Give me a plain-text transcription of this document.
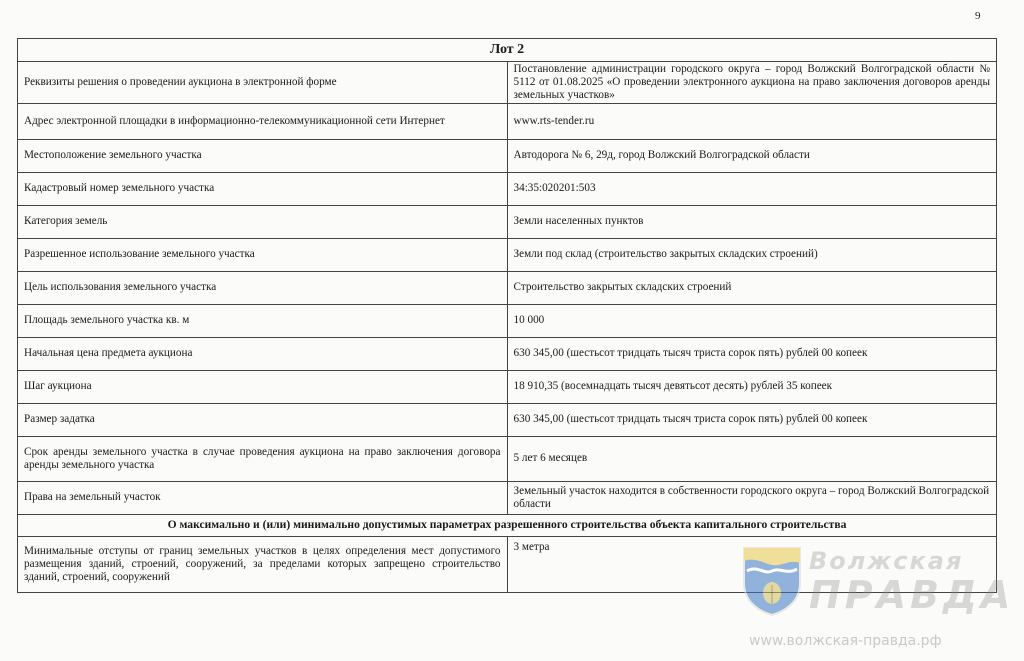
9
Лот 2	
Реквизиты решения о проведении аукциона в электронной форме	Постановление администрации городского округа – город Волжский Волгоградской области № 5112 от 01.08.2025 «О проведении электронного аукциона на право заключения договоров аренды земельных участков»
Адрес электронной площадки в информационно-телекоммуникационной сети Интернет	www.rts-tender.ru
Местоположение земельного участка	Автодорога № 6, 29д, город Волжский Волгоградской области
Кадастровый номер земельного участка	34:35:020201:503
Категория земель	Земли населенных пунктов
Разрешенное использование земельного участка	Земли под склад (строительство закрытых складских строений)
Цель использования земельного участка	Строительство закрытых складских строений
Площадь земельного участка кв. м	10 000
Начальная цена предмета аукциона	630 345,00 (шестьсот тридцать тысяч триста сорок пять) рублей 00 копеек
Шаг аукциона	18 910,35 (восемнадцать тысяч девятьсот десять) рублей 35 копеек
Размер задатка	630 345,00 (шестьсот тридцать тысяч триста сорок пять) рублей 00 копеек
Срок аренды земельного участка в случае проведения аукциона на право заключения договора аренды земельного участка	5 лет 6 месяцев
Права на земельный участок	Земельный участок находится в собственности городского округа – город Волжский Волгоградской области
О максимально и (или) минимально допустимых параметрах разрешенного строительства объекта капитального строительства	
Минимальные отступы от границ земельных участков в целях определения мест допустимого размещения зданий, строений, сооружений, за пределами которых запрещено строительство зданий, строений, сооружений	3 метра
Волжская
ПРАВДА
www.волжская-правда.рф
